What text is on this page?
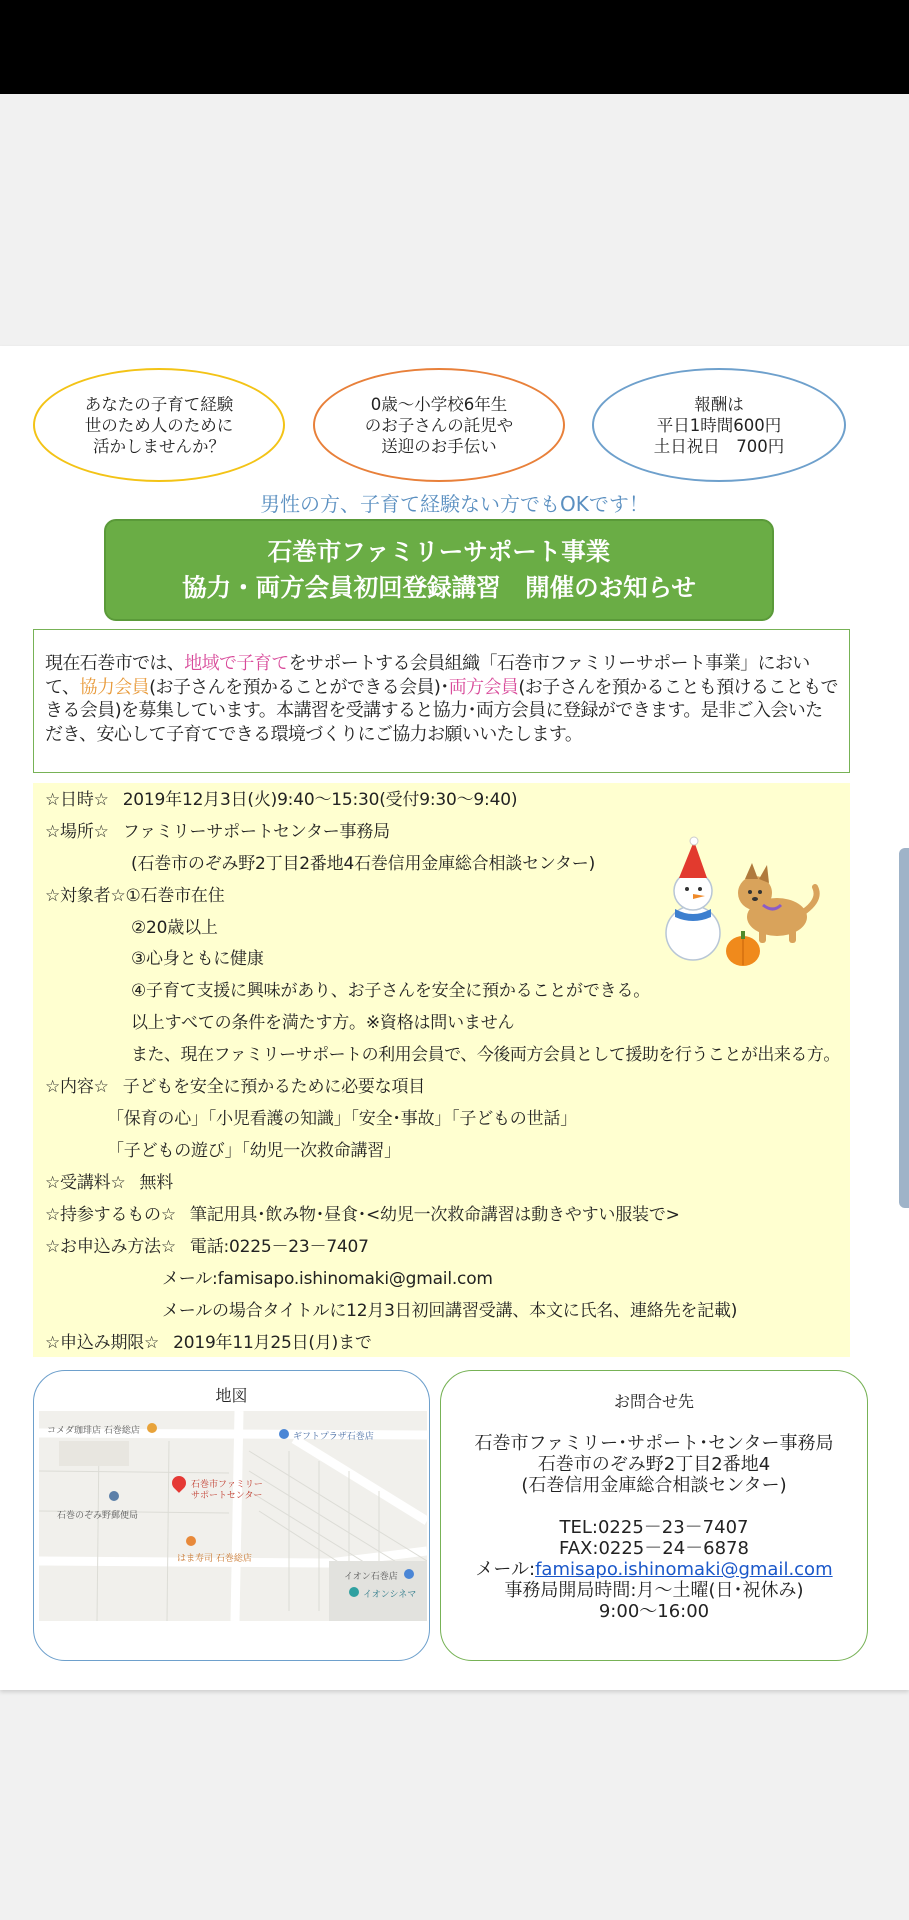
あなたの子育て経験
世のため人のために
活かしませんか？
0歳～小学校6年生
のお子さんの託児や
送迎のお手伝い
報酬は
平日1時間600円
土日祝日　700円
男性の方、子育て経験ない方でもOKです！
石巻市ファミリーサポート事業
協力・両方会員初回登録講習　開催のお知らせ
現在石巻市では、地域で子育てをサポートする会員組織「石巻市ファミリーサポート事業」において、協力会員(お子さんを預かることができる会員)･両方会員(お子さんを預かることも預けることもできる会員)を募集しています。本講習を受講すると協力･両方会員に登録ができます。是非ご入会いただき、安心して子育てできる環境づくりにご協力お願いいたします。
☆日時☆ 2019年12月3日(火)9:40～15:30(受付9:30～9:40)
☆場所☆ ファミリーサポートセンター事務局
(石巻市のぞみ野2丁目2番地4石巻信用金庫総合相談センター)
☆対象者☆①石巻市在住
②20歳以上
③心身ともに健康
④子育て支援に興味があり、お子さんを安全に預かることができる。
以上すべての条件を満たす方。※資格は問いません
また、現在ファミリーサポートの利用会員で、今後両方会員として援助を行うことが出来る方。
☆内容☆ 子どもを安全に預かるために必要な項目
「保育の心」「小児看護の知識」「安全･事故」「子どもの世話」
「子どもの遊び」「幼児一次救命講習」
☆受講料☆ 無料
☆持参するもの☆ 筆記用具･飲み物･昼食･<幼児一次救命講習は動きやすい服装で>
☆お申込み方法☆ 電話:0225－23－7407
メール:famisapo.ishinomaki@gmail.com
メールの場合タイトルに12月3日初回講習受講、本文に氏名、連絡先を記載)
☆申込み期限☆ 2019年11月25日(月)まで
地図
コメダ珈琲店 石巻総店
ギフトプラザ石巻店
石巻市ファミリー
サポートセンター
石巻のぞみ野郵便局
はま寿司 石巻総店
イオン石巻店
イオンシネマ
お問合せ先
石巻市ファミリー･サポート･センター事務局
石巻市のぞみ野2丁目2番地4
(石巻信用金庫総合相談センター)
TEL:0225－23－7407
FAX:0225－24－6878
メール:famisapo.ishinomaki@gmail.com
事務局開局時間:月～土曜(日･祝休み)
9:00～16:00
